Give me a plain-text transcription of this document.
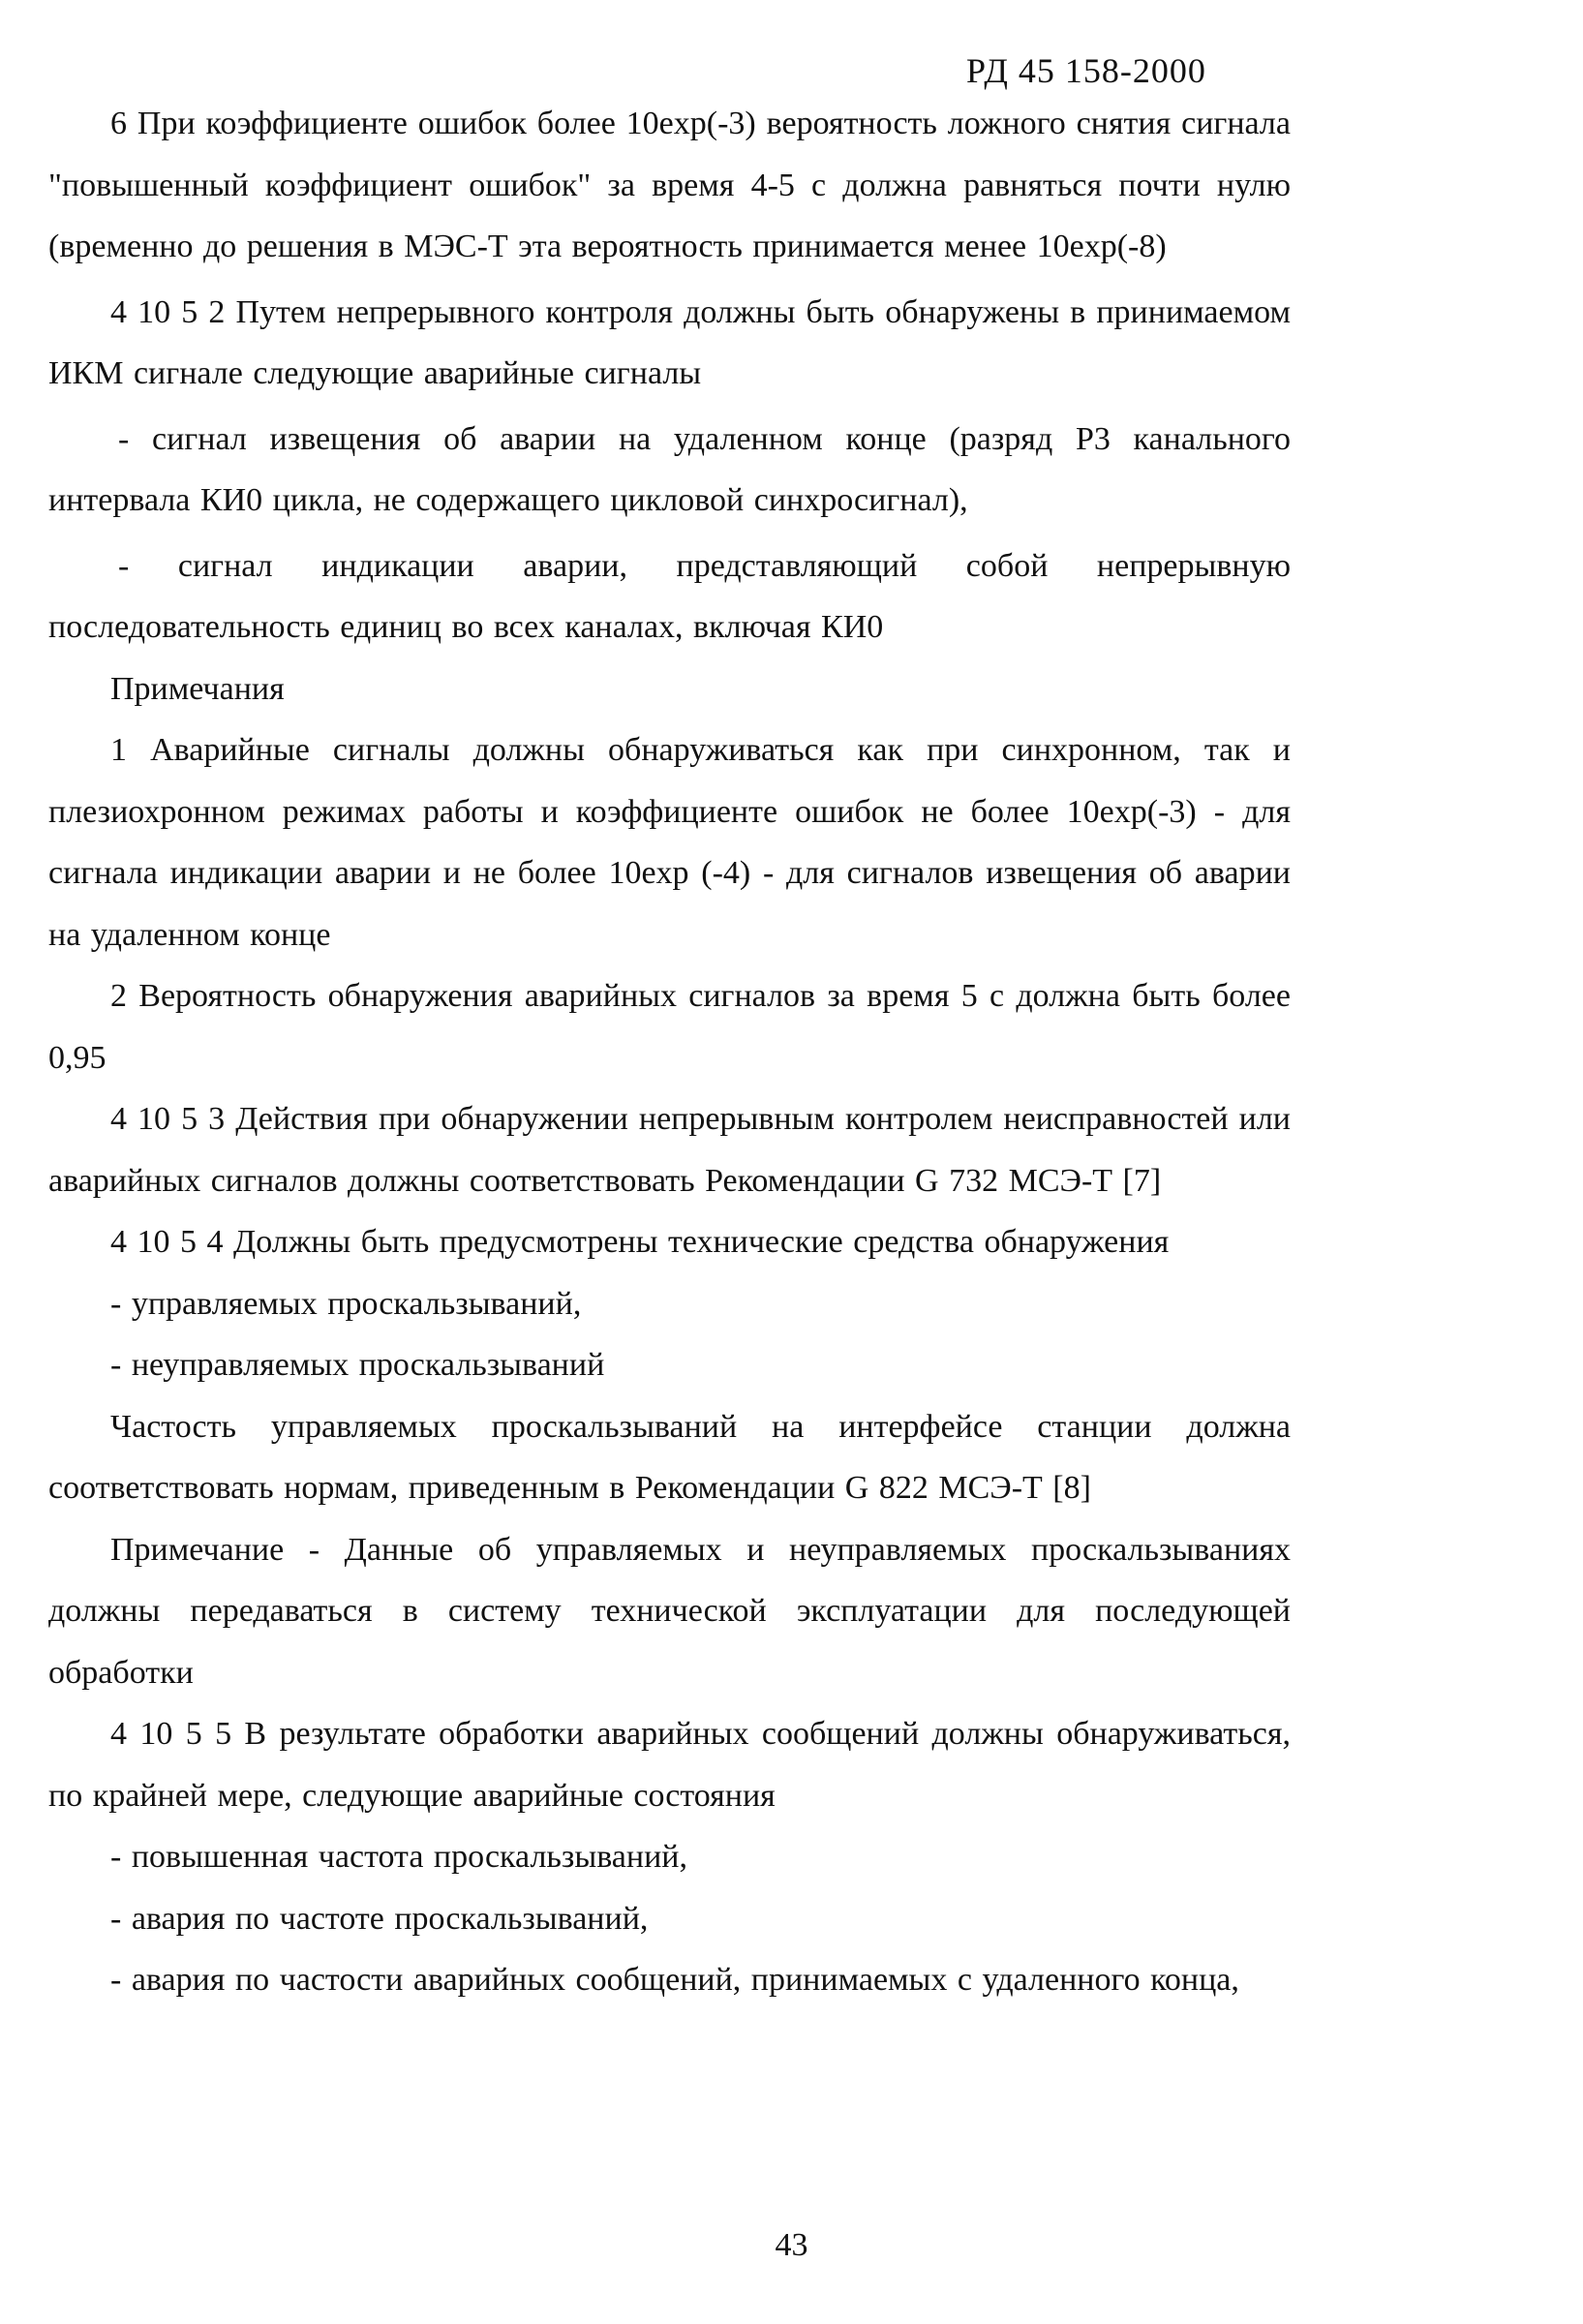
РД 45 158-2000

6 При коэффициенте ошибок более 10exp(-3) вероятность ложного снятия сигнала "повышенный коэффициент ошибок" за время 4-5 с должна равняться почти нулю (временно до решения в МЭС-Т эта вероятность принимается менее 10exp(-8)

4 10 5 2 Путем непрерывного контроля должны быть обнаружены в принимаемом ИКМ сигнале следующие аварийные сигналы

- сигнал извещения об аварии на удаленном конце (разряд Р3 канального интервала КИ0 цикла, не содержащего цикловой синхросигнал),

- сигнал индикации аварии, представляющий собой непрерывную последовательность единиц во всех каналах, включая КИ0

Примечания

1 Аварийные сигналы должны обнаруживаться как при синхронном, так и плезиохронном режимах работы и коэффициенте ошибок не более 10exp(-3) - для сигнала индикации аварии и не более 10exp (-4) - для сигналов извещения об аварии на удаленном конце

2 Вероятность обнаружения аварийных сигналов за время 5 с должна быть более 0,95

4 10 5 3 Действия при обнаружении непрерывным контролем неисправностей или аварийных сигналов должны соответствовать Рекомендации G 732 МСЭ-Т [7]

4 10 5 4 Должны быть предусмотрены технические средства обнаружения

- управляемых проскальзываний,

- неуправляемых проскальзываний

Частость управляемых проскальзываний на интерфейсе станции должна соответствовать нормам, приведенным в Рекомендации G 822 МСЭ-Т [8]

Примечание - Данные об управляемых и неуправляемых проскальзываниях должны передаваться в систему технической эксплуатации для последующей обработки

4 10 5 5 В результате обработки аварийных сообщений должны обнаруживаться, по крайней мере, следующие аварийные состояния

- повышенная частота проскальзываний,

- авария по частоте проскальзываний,

- авария по частости аварийных сообщений, принимаемых с удаленного конца,

43
